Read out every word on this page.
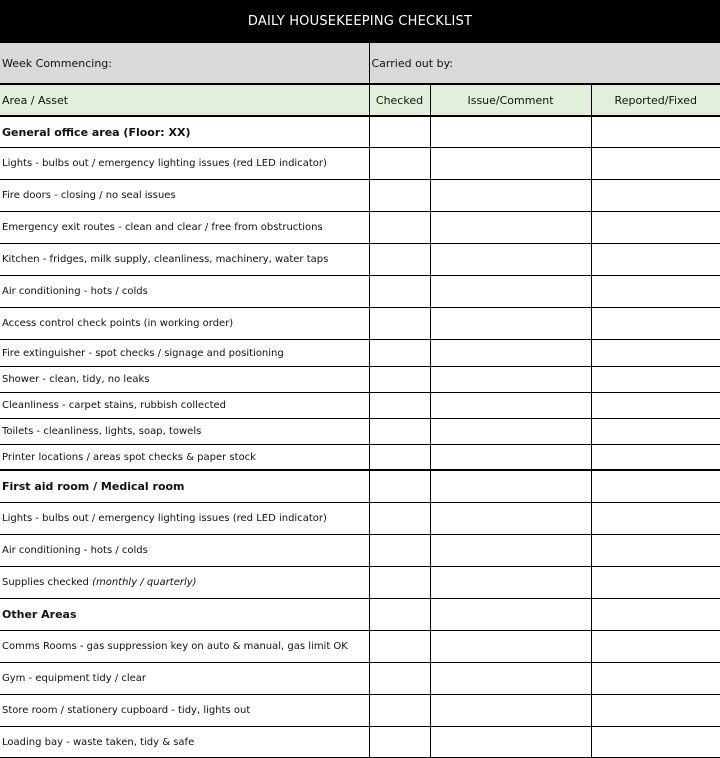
DAILY HOUSEKEEPING CHECKLIST
Week Commencing:	Carried out by:		
Area / Asset	Checked	Issue/Comment	Reported/Fixed
General office area (Floor: XX)			
Lights - bulbs out / emergency lighting issues (red LED indicator)			
Fire doors - closing / no seal issues			
Emergency exit routes - clean and clear / free from obstructions			
Kitchen - fridges, milk supply, cleanliness, machinery, water taps			
Air conditioning - hots / colds			
Access control check points (in working order)			
Fire extinguisher - spot checks / signage and positioning			
Shower - clean, tidy, no leaks			
Cleanliness - carpet stains, rubbish collected			
Toilets - cleanliness, lights, soap, towels			
Printer locations / areas spot checks & paper stock			
First aid room / Medical room			
Lights - bulbs out / emergency lighting issues (red LED indicator)			
Air conditioning - hots / colds			
Supplies checked (monthly / quarterly)			
Other Areas			
Comms Rooms - gas suppression key on auto & manual, gas limit OK			
Gym - equipment tidy / clear			
Store room / stationery cupboard - tidy, lights out			
Loading bay - waste taken, tidy & safe			
